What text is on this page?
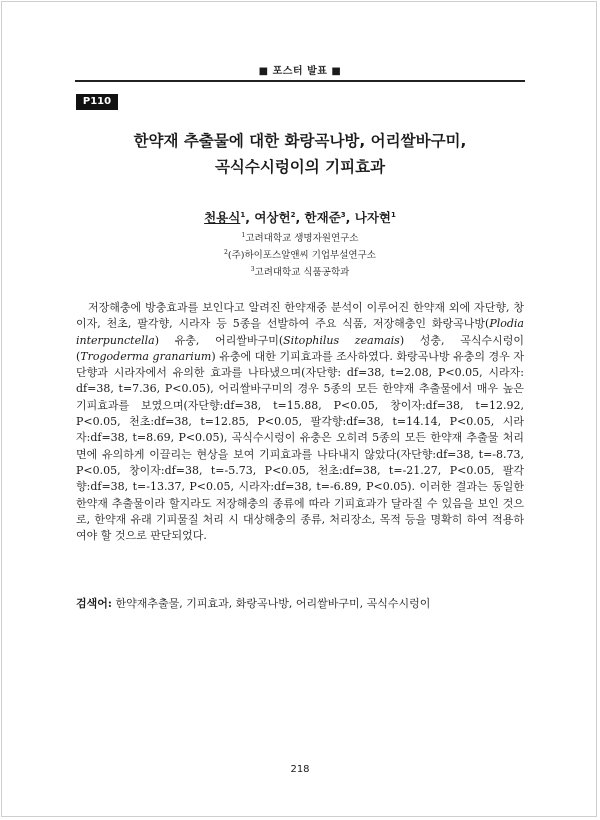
■ 포스터 발표 ■
P110
한약재 추출물에 대한 화랑곡나방, 어리쌀바구미,
곡식수시렁이의 기피효과
천용식$^1$, 여상헌$^2$, 한재준$^3$, 나자현$^1$
$^1$고려대학교 생명자원연구소
$^2$(주)하이포스알앤씨 기업부설연구소
$^3$고려대학교 식품공학과

저장해충에 방충효과를 보인다고 알려진 한약재중 분석이 이루어진 한약재 외에 자단향, 창이자, 천초, 팔각향, 시라자 등 5종을 선발하여 주요 식품, 저장해충인 화랑곡나방(Plodia interpunctella) 유충, 어리쌀바구미(Sitophilus zeamais) 성충, 곡식수시렁이(Trogoderma granarium) 유충에 대한 기피효과를 조사하였다. 화랑곡나방 유충의 경우 자단향과 시라자에서 유의한 효과를 나타냈으며(자단향: df=38, t=2.08, P<0.05, 시라자: df=38, t=7.36, P<0.05), 어리쌀바구미의 경우 5종의 모든 한약재 추출물에서 매우 높은 기피효과를 보였으며(자단향:df=38, t=15.88, P<0.05, 창이자:df=38, t=12.92, P<0.05, 천초:df=38, t=12.85, P<0.05, 팔각향:df=38, t=14.14, P<0.05, 시라자:df=38, t=8.69, P<0.05), 곡식수시렁이 유충은 오히려 5종의 모든 한약재 추출물 처리면에 유의하게 이끌리는 현상을 보여 기피효과를 나타내지 않았다(자단향:df=38, t=-8.73, P<0.05, 창이자:df=38, t=-5.73, P<0.05, 천초:df=38, t=-21.27, P<0.05, 팔각향:df=38, t=-13.37, P<0.05, 시라자:df=38, t=-6.89, P<0.05). 이러한 결과는 동일한 한약재 추출물이라 할지라도 저장해충의 종류에 따라 기피효과가 달라질 수 있음을 보인 것으로, 한약재 유래 기피물질 처리 시 대상해충의 종류, 처리장소, 목적 등을 명확히 하여 적용하여야 할 것으로 판단되었다.

검색어: 한약재추출물, 기피효과, 화랑곡나방, 어리쌀바구미, 곡식수시렁이
218
